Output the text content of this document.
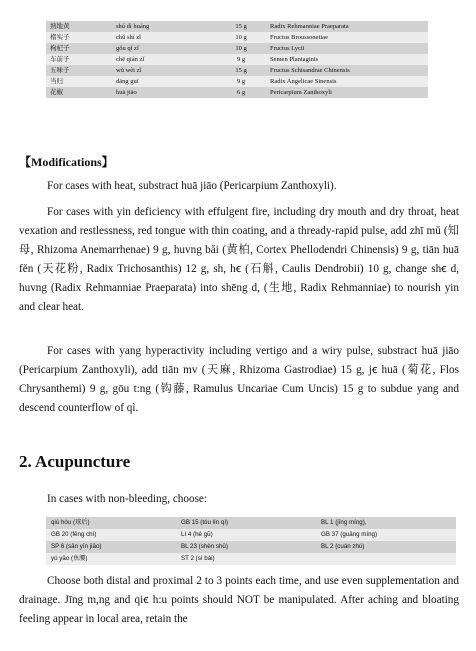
熟地黄	shú dì huáng	15 g	Radix Rehmanniae Praeparata
楮实子	chǔ shí zǐ	10 g	Fructus Broussonetiae
枸杞子	gǒu qǐ zǐ	10 g	Fructus Lycii
车前子	chē qián zǐ	9 g	Semen Plantaginis
五味子	wǔ wèi zǐ	15 g	Fructus Schisandrae Chinensis
当归	dāng guī	9 g	Radix Angelicae Sinensis
花椒	huā jiāo	6 g	Pericarpium Zanthoxyli
【Modifications】

For cases with heat, substract huā jiāo (Pericarpium Zanthoxyli).

For cases with yin deficiency with effulgent fire, including dry mouth and dry throat, heat vexation and restlessness, red tongue with thin coating, and a thready-rapid pulse, add zhī mŭ (知母, Rhizoma Anemarrhenae) 9 g, huvng băi (黄柏, Cortex Phellodendri Chinensis) 9 g, tiān huā fěn (天花粉, Radix Trichosanthis) 12 g, sh, hꞓ (石斛, Caulis Dendrobii) 10 g, change shꞓ d, huvng (Radix Rehmanniae Praeparata) into shēng d, (生地, Radix Rehmanniae) to nourish yin and clear heat.

For cases with yang hyperactivity including vertigo and a wiry pulse, substract huā jiāo (Pericarpium Zanthoxyli), add tiān mv (天麻, Rhizoma Gastrodiae) 15 g, jꞓ huā (菊花, Flos Chrysanthemi) 9 g, gōu t:ng (钩藤, Ramulus Uncariae Cum Uncis) 15 g to subdue yang and descend counterflow of qì.

2. Acupuncture

In cases with non-bleeding, choose:

qiú hòu (球后)	GB 15 (tóu lín qì)	BL 1 (jīng míng),
GB 20 (fēng chí)	LI 4 (hé gŭ)	GB 37 (guāng míng)
SP 6 (sān yīn jiāo)	BL 23 (shèn shū)	BL 2 (cuán zhú)
yú yāo (鱼腰)	ST 2 (sì bái)	

Choose both distal and proximal 2 to 3 points each time, and use even supplementation and drainage. Jīng m,ng and qiꞓ h:u points should NOT be manipulated. After aching and bloating feeling appear in local area, retain the
